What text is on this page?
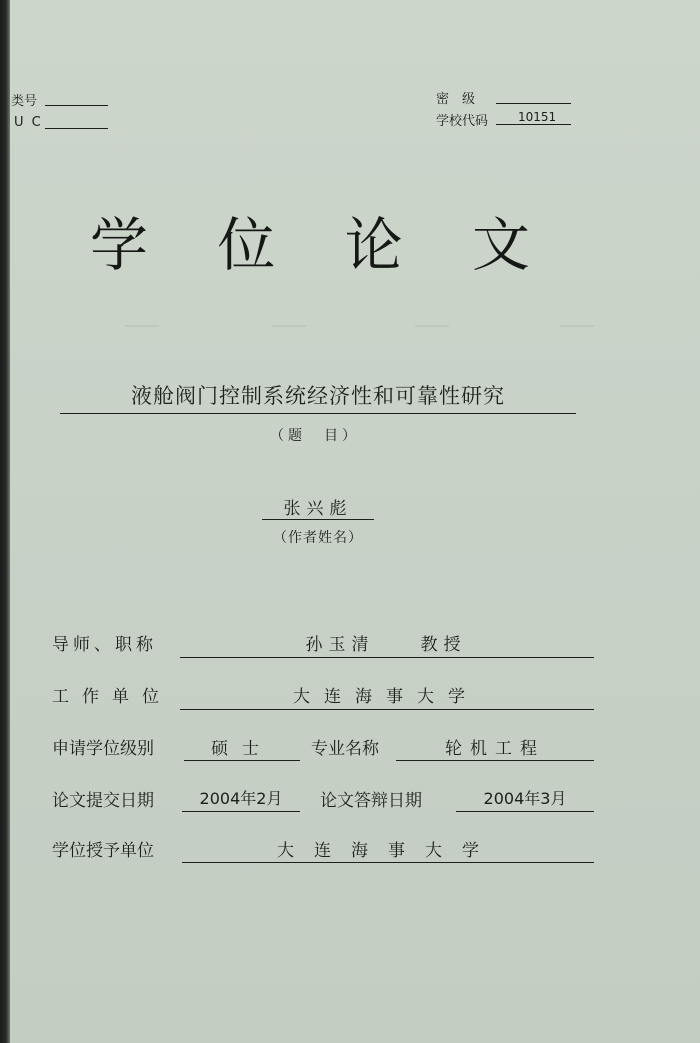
类号
U C
密　级
学校代码 10151
学 位 论 文
液舱阀门控制系统经济性和可靠性研究
（题　目）
张兴彪
（作者姓名）
导师、职称	孙玉清　　教授
工作单位	大连海事大学
申请学位级别	硕士	专业名称	轮机工程
论文提交日期	2004年2月	论文答辩日期	2004年3月
学位授予单位	大连海事大学
